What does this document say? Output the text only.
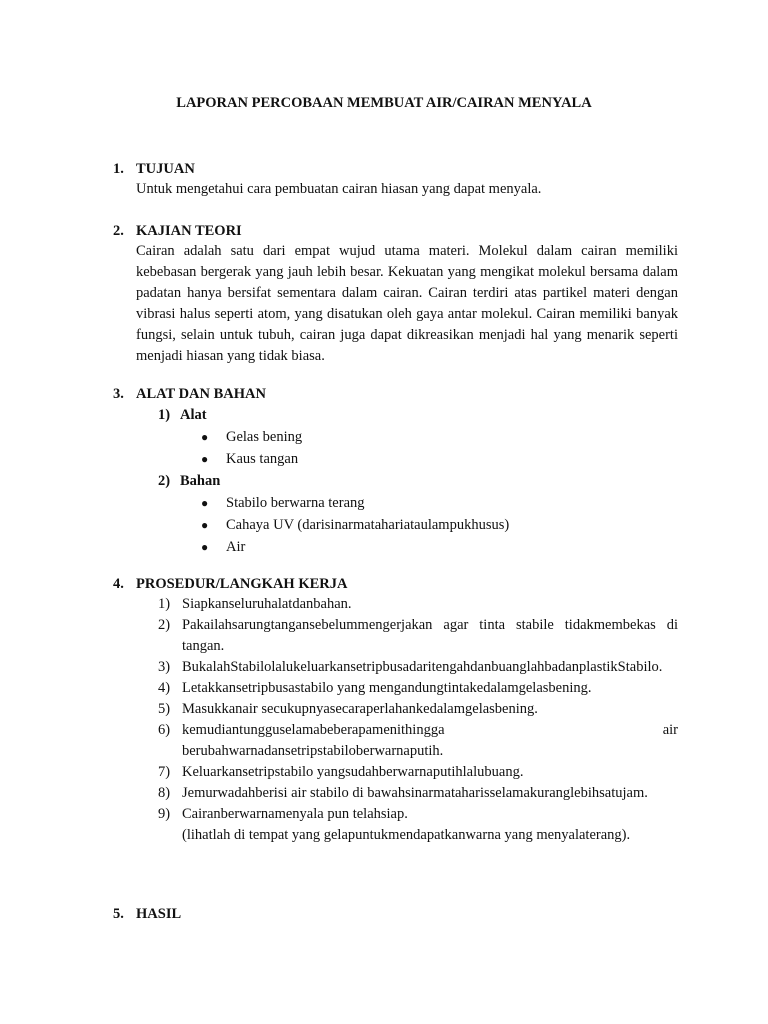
LAPORAN PERCOBAAN MEMBUAT AIR/CAIRAN MENYALA
1. TUJUAN
Untuk mengetahui cara pembuatan cairan hiasan yang dapat menyala.
2. KAJIAN TEORI
Cairan adalah satu dari empat wujud utama materi. Molekul dalam cairan memiliki kebebasan bergerak yang jauh lebih besar. Kekuatan yang mengikat molekul bersama dalam padatan hanya bersifat sementara dalam cairan. Cairan terdiri atas partikel materi dengan vibrasi halus seperti atom, yang disatukan oleh gaya antar molekul. Cairan memiliki banyak fungsi, selain untuk tubuh, cairan juga dapat dikreasikan menjadi hal yang menarik seperti menjadi hiasan yang tidak biasa.
3. ALAT DAN BAHAN
1) Alat
● Gelas bening
● Kaus tangan
2) Bahan
● Stabilo berwarna terang
● Cahaya UV (darisinarmatahariataulampukhusus)
● Air
4. PROSEDUR/LANGKAH KERJA
1) Siapkanseluruhalatdanbahan.
2) Pakailahsarungtangansebelummengerjakan agar tinta stabile tidakmembekas di tangan.
3) BukalahStabilolalukeluarkansetripbusadaritengahdanbuanglahbadanplastikStabilo.
4) Letakkansetripbusastabilo yang mengandungtintakedalamgelasbening.
5) Masukkanair secukupnyasecaraperlahankedalamgelasbening.
6) kemudiantungguselamabeberapamenithingga	air
berubahwarnadansetripstabiloberwarnaputih.
7) Keluarkansetripstabilo yangsudahberwarnaputihlalubuang.
8) Jemurwadahberisi air stabilo di bawahsinarmataharisselamakuranglebihsatujam.
9) Cairanberwarnamenyala pun telahsiap.
(lihatlah di tempat yang gelapuntukmendapatkanwarna yang menyalaterang).
5. HASIL
